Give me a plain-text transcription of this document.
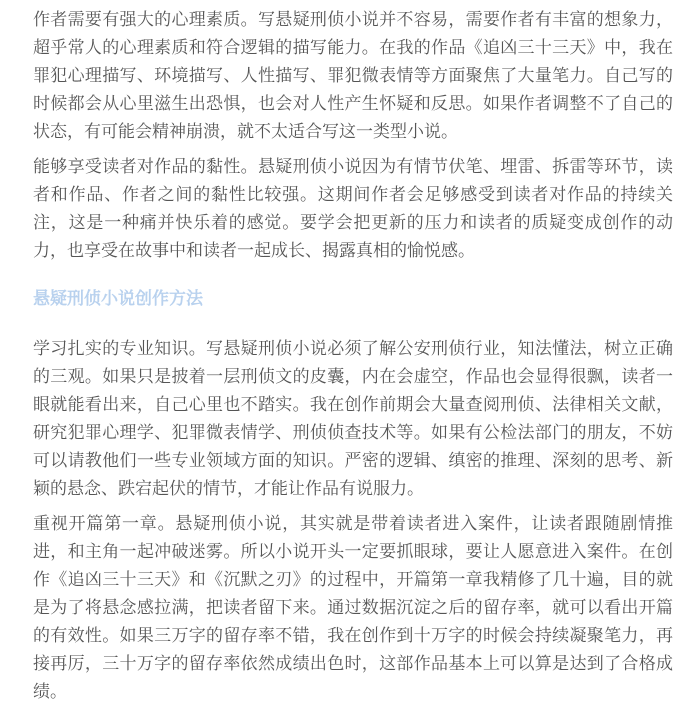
作者需要有强大的心理素质。写悬疑刑侦小说并不容易，需要作者有丰富的想象力，超乎常人的心理素质和符合逻辑的描写能力。在我的作品《追凶三十三天》中，我在罪犯心理描写、环境描写、人性描写、罪犯微表情等方面聚焦了大量笔力。自己写的时候都会从心里滋生出恐惧，也会对人性产生怀疑和反思。如果作者调整不了自己的状态，有可能会精神崩溃，就不太适合写这一类型小说。

能够享受读者对作品的黏性。悬疑刑侦小说因为有情节伏笔、埋雷、拆雷等环节，读者和作品、作者之间的黏性比较强。这期间作者会足够感受到读者对作品的持续关注，这是一种痛并快乐着的感觉。要学会把更新的压力和读者的质疑变成创作的动力，也享受在故事中和读者一起成长、揭露真相的愉悦感。

悬疑刑侦小说创作方法

学习扎实的专业知识。写悬疑刑侦小说必须了解公安刑侦行业，知法懂法，树立正确的三观。如果只是披着一层刑侦文的皮囊，内在会虚空，作品也会显得很飘，读者一眼就能看出来，自己心里也不踏实。我在创作前期会大量查阅刑侦、法律相关文献，研究犯罪心理学、犯罪微表情学、刑侦侦查技术等。如果有公检法部门的朋友，不妨可以请教他们一些专业领域方面的知识。严密的逻辑、缜密的推理、深刻的思考、新颖的悬念、跌宕起伏的情节，才能让作品有说服力。

重视开篇第一章。悬疑刑侦小说，其实就是带着读者进入案件，让读者跟随剧情推进，和主角一起冲破迷雾。所以小说开头一定要抓眼球，要让人愿意进入案件。在创作《追凶三十三天》和《沉默之刃》的过程中，开篇第一章我精修了几十遍，目的就是为了将悬念感拉满，把读者留下来。通过数据沉淀之后的留存率，就可以看出开篇的有效性。如果三万字的留存率不错，我在创作到十万字的时候会持续凝聚笔力，再接再厉，三十万字的留存率依然成绩出色时，这部作品基本上可以算是达到了合格成绩。
